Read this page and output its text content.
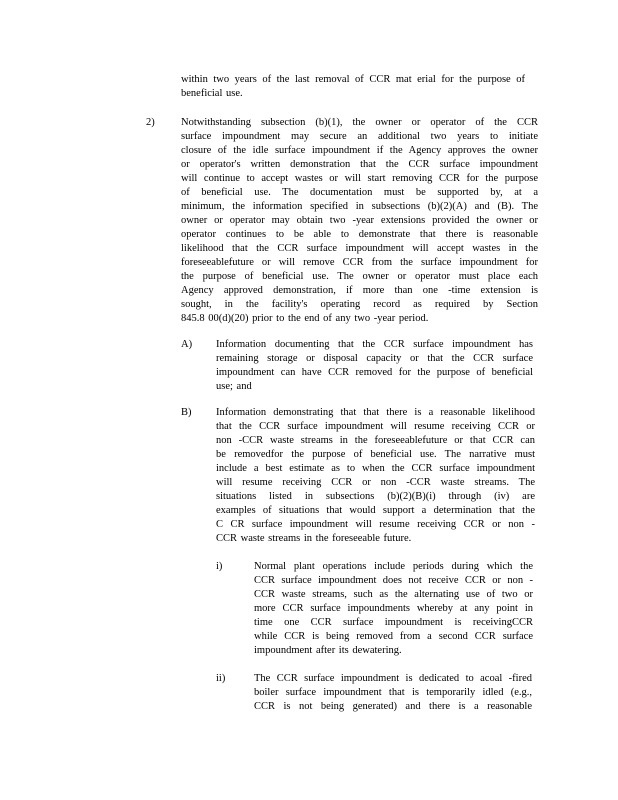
within two years of the last removal of CCR mat erial for the purpose of
beneficial use.
2)	Notwithstanding subsection (b)(1), the owner or operator of the CCR
surface impoundment may secure an additional two years to initiate
closure of the idle surface impoundment if the Agency approves the owner
or operator's written demonstration that the CCR surface impoundment
will continue to accept wastes or will start removing CCR for the purpose
of beneficial use. The documentation must be supported by, at a
minimum, the information specified in subsections (b)(2)(A) and (B). The
owner or operator may obtain two -year extensions provided the owner or
operator continues to be able to demonstrate that there is reasonable
likelihood that the CCR surface impoundment will accept wastes in the
foreseeablefuture or will remove CCR from the surface impoundment for
the purpose of beneficial use. The owner or operator must place each
Agency approved demonstration, if more than one -time extension is
sought, in the facility's operating record as required by Section
845.8 00(d)(20) prior to the end of any two -year period.
A) Information documenting that the CCR surface impoundment has
remaining storage or disposal capacity or that the CCR surface
impoundment can have CCR removed for the purpose of beneficial
use; and
B) Information demonstrating that that there is a reasonable likelihood
that the CCR surface impoundment will resume receiving CCR or
non -CCR waste streams in the foreseeablefuture or that CCR can
be removedfor the purpose of beneficial use. The narrative must
include a best estimate as to when the CCR surface impoundment
will resume receiving CCR or non -CCR waste streams. The
situations listed in subsections (b)(2)(B)(i) through (iv) are
examples of situations that would support a determination that the
C CR surface impoundment will resume receiving CCR or non -
CCR waste streams in the foreseeable future.
i)	Normal plant operations include periods during which the
CCR surface impoundment does not receive CCR or non -
CCR waste streams, such as the alternating use of two or
more CCR surface impoundments whereby at any point in
time one CCR surface impoundment is receivingCCR
while CCR is being removed from a second CCR surface
impoundment after its dewatering.
ii)	The CCR surface impoundment is dedicated to acoal -fired
boiler surface impoundment that is temporarily idled (e.g.,
CCR is not being generated) and there is a reasonable
